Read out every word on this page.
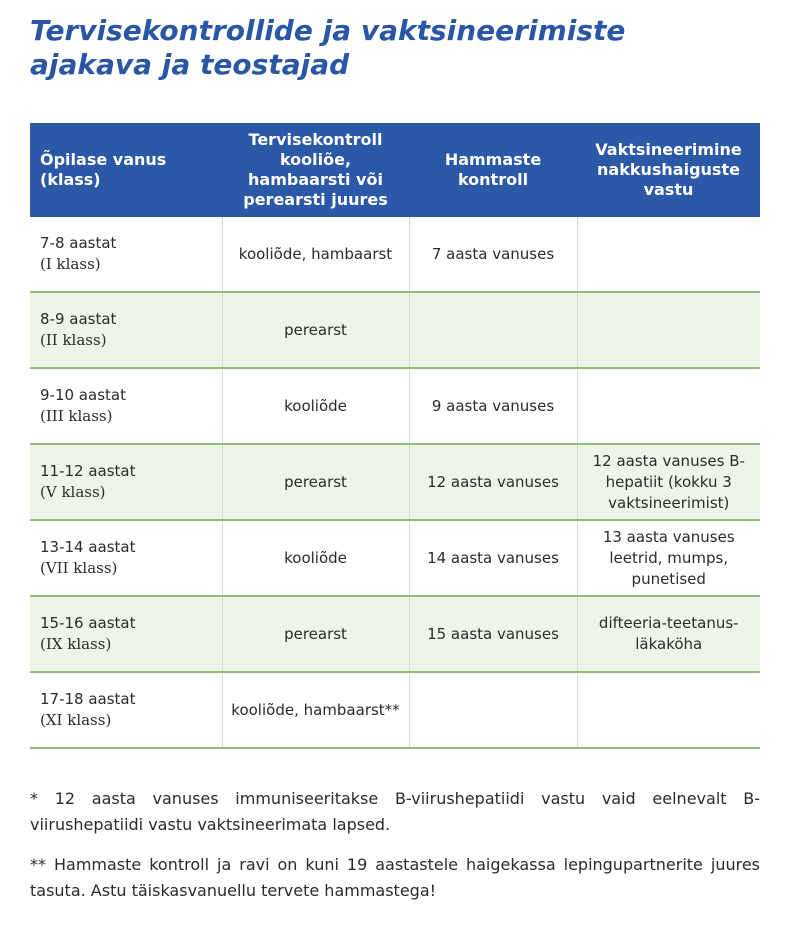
Tervisekontrollide ja vaktsineerimiste
ajakava ja teostajad
Õpilase vanus (klass)	Tervisekontroll kooliõe, hambaarsti või perearsti juures	Hammaste kontroll	Vaktsineerimine nakkushaiguste vastu
7-8 aastat
(I klass)	kooliõde, hambaarst	7 aasta vanuses	
8-9 aastat
(II klass)	perearst		
9-10 aastat
(III klass)	kooliõde	9 aasta vanuses	
11-12 aastat
(V klass)	perearst	12 aasta vanuses	12 aasta vanuses B-hepatiit (kokku 3 vaktsineerimist)
13-14 aastat
(VII klass)	kooliõde	14 aasta vanuses	13 aasta vanuses leetrid, mumps, punetised
15-16 aastat
(IX klass)	perearst	15 aasta vanuses	difteeria-teetanus-läkaköha
17-18 aastat
(XI klass)	kooliõde, hambaarst**		

* 12 aasta vanuses immuniseeritakse B-viirushepatiidi vastu vaid eelnevalt B-viirushepatiidi vastu vaktsineerimata lapsed.

** Hammaste kontroll ja ravi on kuni 19 aastastele haigekassa lepingupartnerite juures tasuta. Astu täiskasvanuellu tervete hammastega!
